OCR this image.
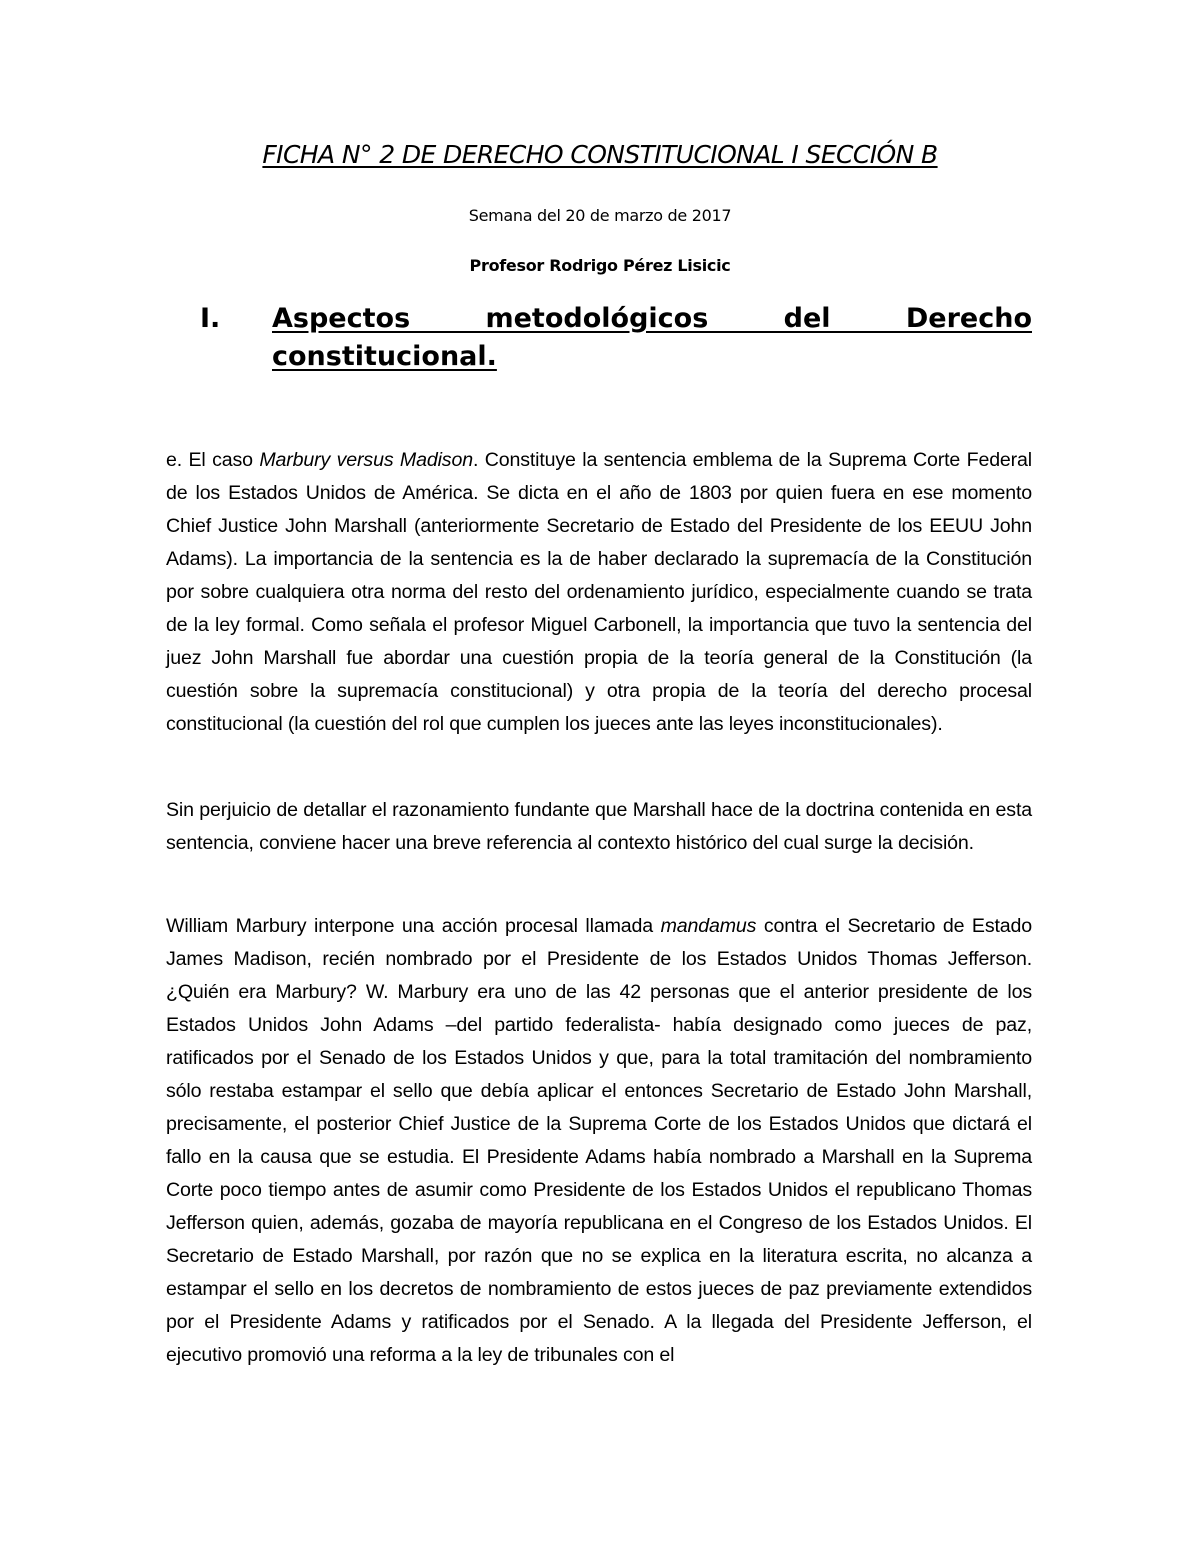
FICHA N° 2 DE DERECHO CONSTITUCIONAL I SECCIÓN B
Semana del 20 de marzo de 2017
Profesor Rodrigo Pérez Lisicic
I. Aspectos metodológicos del Derecho constitucional.

e. El caso Marbury versus Madison. Constituye la sentencia emblema de la Suprema Corte Federal de los Estados Unidos de América. Se dicta en el año de 1803 por quien fuera en ese momento Chief Justice John Marshall (anteriormente Secretario de Estado del Presidente de los EEUU John Adams). La importancia de la sentencia es la de haber declarado la supremacía de la Constitución por sobre cualquiera otra norma del resto del ordenamiento jurídico, especialmente cuando se trata de la ley formal. Como señala el profesor Miguel Carbonell, la importancia que tuvo la sentencia del juez John Marshall fue abordar una cuestión propia de la teoría general de la Constitución (la cuestión sobre la supremacía constitucional) y otra propia de la teoría del derecho procesal constitucional (la cuestión del rol que cumplen los jueces ante las leyes inconstitucionales).

Sin perjuicio de detallar el razonamiento fundante que Marshall hace de la doctrina contenida en esta sentencia, conviene hacer una breve referencia al contexto histórico del cual surge la decisión.

William Marbury interpone una acción procesal llamada mandamus contra el Secretario de Estado James Madison, recién nombrado por el Presidente de los Estados Unidos Thomas Jefferson. ¿Quién era Marbury? W. Marbury era uno de las 42 personas que el anterior presidente de los Estados Unidos John Adams –del partido federalista- había designado como jueces de paz, ratificados por el Senado de los Estados Unidos y que, para la total tramitación del nombramiento sólo restaba estampar el sello que debía aplicar el entonces Secretario de Estado John Marshall, precisamente, el posterior Chief Justice de la Suprema Corte de los Estados Unidos que dictará el fallo en la causa que se estudia. El Presidente Adams había nombrado a Marshall en la Suprema Corte poco tiempo antes de asumir como Presidente de los Estados Unidos el republicano Thomas Jefferson quien, además, gozaba de mayoría republicana en el Congreso de los Estados Unidos. El Secretario de Estado Marshall, por razón que no se explica en la literatura escrita, no alcanza a estampar el sello en los decretos de nombramiento de estos jueces de paz previamente extendidos por el Presidente Adams y ratificados por el Senado. A la llegada del Presidente Jefferson, el ejecutivo promovió una reforma a la ley de tribunales con el
